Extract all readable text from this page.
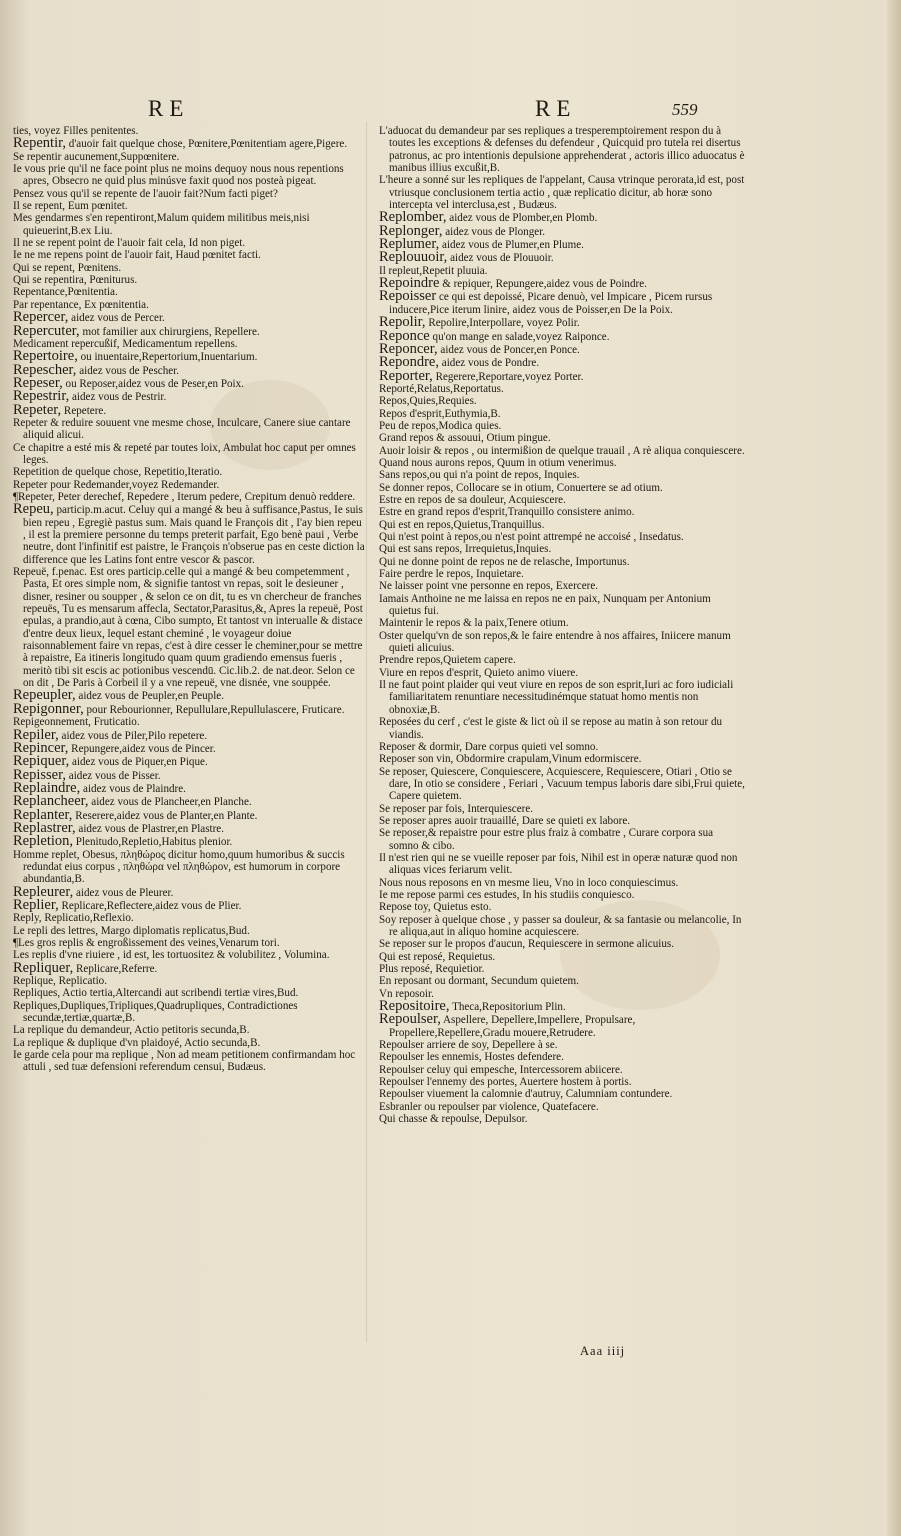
RE	RE	559

ties, voyez Filles penitentes.

Repentir, d'auoir fait quelque chose, Pœnitere,Pœnitentiam agere,Pigere.

Se repentir aucunement,Suppœnitere.

Ie vous prie qu'il ne face point plus ne moins dequoy nous nous repentions apres, Obsecro ne quid plus minúsve faxit quod nos posteà pigeat.

Pensez vous qu'il se repente de l'auoir fait?Num facti piget?

Il se repent, Eum pœnitet.

Mes gendarmes s'en repentiront,Malum quidem militibus meis,nisi quieuerint,B.ex Liu.

Il ne se repent point de l'auoir fait cela, Id non piget.

Ie ne me repens point de l'auoir fait, Haud pœnitet facti.

Qui se repent, Pœnitens.

Qui se repentira, Pœniturus.

Repentance,Pœnitentia.

Par repentance, Ex pœnitentia.

Repercer, aidez vous de Percer.

Repercuter, mot familier aux chirurgiens, Repellere.

Medicament repercußif, Medicamentum repellens.

Repertoire, ou inuentaire,Repertorium,Inuentarium.

Repescher, aidez vous de Pescher.

Repeser, ou Reposer,aidez vous de Peser,en Poix.

Repestrir, aidez vous de Pestrir.

Repeter, Repetere.

Repeter & reduire souuent vne mesme chose, Inculcare, Canere siue cantare aliquid alicui.

Ce chapitre a esté mis & repeté par toutes loix, Ambulat hoc caput per omnes leges.

Repetition de quelque chose, Repetitio,Iteratio.

Repeter pour Redemander,voyez Redemander.

¶Repeter, Peter derechef, Repedere , Iterum pedere, Crepitum denuò reddere.

Repeu, particip.m.acut. Celuy qui a mangé & beu à suffisance,Pastus, Ie suis bien repeu , Egregiè pastus sum. Mais quand le François dit , I'ay bien repeu , il est la premiere personne du temps preterit parfait, Ego benè paui , Verbe neutre, dont l'infinitif est paistre, le François n'obserue pas en ceste diction la difference que les Latins font entre vescor & pascor.

Repeuë, f.penac. Est ores particip.celle qui a mangé & beu competemment , Pasta, Et ores simple nom, & signifie tantost vn repas, soit le desieuner , disner, resiner ou soupper , & selon ce on dit, tu es vn chercheur de franches repeuës, Tu es mensarum affecla, Sectator,Parasitus,&, Apres la repeuë, Post epulas, a prandio,aut à cœna, Cibo sumpto, Et tantost vn interualle & distace d'entre deux lieux, lequel estant cheminé , le voyageur doiue raisonnablement faire vn repas, c'est à dire cesser le cheminer,pour se mettre à repaistre, Ea itineris longitudo quam quum gradiendo emensus fueris , meritò tibi sit escis ac potionibus vescendū. Cic.lib.2. de nat.deor. Selon ce on dit , De Paris à Corbeil il y a vne repeuë, vne disnée, vne souppée.

Repeupler, aidez vous de Peupler,en Peuple.

Repigonner, pour Rebourionner, Repullulare,Repullulascere, Fruticare.

Repigeonnement, Fruticatio.

Repiler, aidez vous de Piler,Pilo repetere.

Repincer, Repungere,aidez vous de Pincer.

Repiquer, aidez vous de Piquer,en Pique.

Repisser, aidez vous de Pisser.

Replaindre, aidez vous de Plaindre.

Replancheer, aidez vous de Plancheer,en Planche.

Replanter, Reserere,aidez vous de Planter,en Plante.

Replastrer, aidez vous de Plastrer,en Plastre.

Repletion, Plenitudo,Repletio,Habitus plenior.

Homme replet, Obesus, πληθώρος dicitur homo,quum humoribus & succis redundat eius corpus , πληθώρα vel πληθώρον, est humorum in corpore abundantia,B.

Repleurer, aidez vous de Pleurer.

Replier, Replicare,Reflectere,aidez vous de Plier.

Reply, Replicatio,Reflexio.

Le repli des lettres, Margo diplomatis replicatus,Bud.

¶Les gros replis & engroßissement des veines,Venarum tori.

Les replis d'vne riuiere , id est, les tortuositez & volubilitez , Volumina.

Repliquer, Replicare,Referre.

Replique, Replicatio.

Repliques, Actio tertia,Altercandi aut scribendi tertiæ vires,Bud.

Repliques,Dupliques,Tripliques,Quadrupliques, Contradictiones secundæ,tertiæ,quartæ,B.

La replique du demandeur, Actio petitoris secunda,B.

La replique & duplique d'vn plaidoyé, Actio secunda,B.

Ie garde cela pour ma replique , Non ad meam petitionem confirmandam hoc attuli , sed tuæ defensioni referendum censui, Budæus.

L'aduocat du demandeur par ses repliques a tresperemptoirement respon du à toutes les exceptions & defenses du defendeur , Quicquid pro tutela rei disertus patronus, ac pro intentionis depulsione apprehenderat , actoris illico aduocatus è manibus illius excußit,B.

L'heure a sonné sur les repliques de l'appelant, Causa vtrinque perorata,id est, post vtriusque conclusionem tertia actio , quæ replicatio dicitur, ab horæ sono intercepta vel interclusa,est , Budæus.

Replomber, aidez vous de Plomber,en Plomb.

Replonger, aidez vous de Plonger.

Replumer, aidez vous de Plumer,en Plume.

Replouuoir, aidez vous de Plouuoir.

Il repleut,Repetit pluuia.

Repoindre & repiquer, Repungere,aidez vous de Poindre.

Repoisser ce qui est depoissé, Picare denuò, vel Impicare , Picem rursus inducere,Pice iterum linire, aidez vous de Poisser,en De la Poix.

Repolir, Repolire,Interpollare, voyez Polir.

Reponce qu'on mange en salade,voyez Raiponce.

Reponcer, aidez vous de Poncer,en Ponce.

Repondre, aidez vous de Pondre.

Reporter, Regerere,Reportare,voyez Porter.

Reporté,Relatus,Reportatus.

Repos,Quies,Requies.

Repos d'esprit,Euthymia,B.

Peu de repos,Modica quies.

Grand repos & assouui, Otium pingue.

Auoir loisir & repos , ou intermißion de quelque trauail , A rè aliqua conquiescere.

Quand nous aurons repos, Quum in otium venerimus.

Sans repos,ou qui n'a point de repos, Inquies.

Se donner repos, Collocare se in otium, Conuertere se ad otium.

Estre en repos de sa douleur, Acquiescere.

Estre en grand repos d'esprit,Tranquillo consistere animo.

Qui est en repos,Quietus,Tranquillus.

Qui n'est point à repos,ou n'est point attrempé ne accoisé , Insedatus.

Qui est sans repos, Irrequietus,Inquies.

Qui ne donne point de repos ne de relasche, Importunus.

Faire perdre le repos, Inquietare.

Ne laisser point vne personne en repos, Exercere.

Iamais Anthoine ne me laissa en repos ne en paix, Nunquam per Antonium quietus fui.

Maintenir le repos & la paix,Tenere otium.

Oster quelqu'vn de son repos,& le faire entendre à nos affaires, Iniicere manum quieti alicuius.

Prendre repos,Quietem capere.

Viure en repos d'esprit, Quieto animo viuere.

Il ne faut point plaider qui veut viure en repos de son esprit,Iuri ac foro iudiciali familiaritatem renuntiare necessitudinémque statuat homo mentis non obnoxiæ,B.

Reposées du cerf , c'est le giste & lict où il se repose au matin à son retour du viandis.

Reposer & dormir, Dare corpus quieti vel somno.

Reposer son vin, Obdormire crapulam,Vinum edormiscere.

Se reposer, Quiescere, Conquiescere, Acquiescere, Requiescere, Otiari , Otio se dare, In otio se considere , Feriari , Vacuum tempus laboris dare sibi,Frui quiete, Capere quietem.

Se reposer par fois, Interquiescere.

Se reposer apres auoir trauaillé, Dare se quieti ex labore.

Se reposer,& repaistre pour estre plus fraiz à combatre , Curare corpora sua somno & cibo.

Il n'est rien qui ne se vueille reposer par fois, Nihil est in operæ naturæ quod non aliquas vices feriarum velit.

Nous nous reposons en vn mesme lieu, Vno in loco conquiescimus.

Ie me repose parmi ces estudes, In his studiis conquiesco.

Repose toy, Quietus esto.

Soy reposer à quelque chose , y passer sa douleur, & sa fantasie ou melancolie, In re aliqua,aut in aliquo homine acquiescere.

Se reposer sur le propos d'aucun, Requiescere in sermone alicuius.

Qui est reposé, Requietus.

Plus reposé, Requietior.

En reposant ou dormant, Secundum quietem.

Vn reposoir.

Repositoire, Theca,Repositorium Plin.

Repoulser, Aspellere, Depellere,Impellere, Propulsare, Propellere,Repellere,Gradu mouere,Retrudere.

Repoulser arriere de soy, Depellere à se.

Repoulser les ennemis, Hostes defendere.

Repoulser celuy qui empesche, Intercessorem abiicere.

Repoulser l'ennemy des portes, Auertere hostem à portis.

Repoulser viuement la calomnie d'autruy, Calumniam contundere.

Esbranler ou repoulser par violence, Quatefacere.

Qui chasse & repoulse, Depulsor.

Aaa iiij
